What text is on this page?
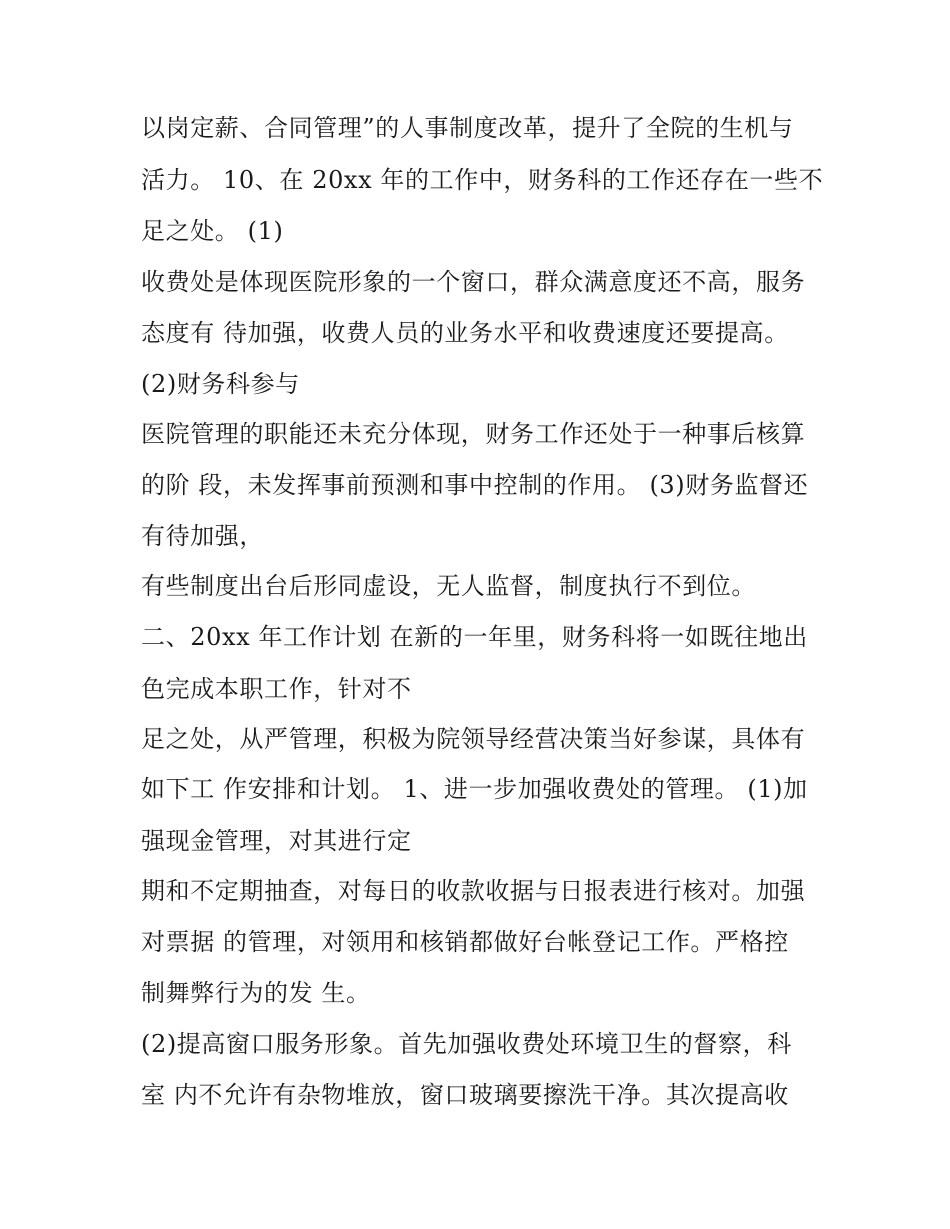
以岗定薪、合同管理”的人事制度改革，提升了全院的生机与
活力。 10、在 20xx 年的工作中，财务科的工作还存在一些不
足之处。 (1)
收费处是体现医院形象的一个窗口，群众满意度还不高，服务
态度有 待加强，收费人员的业务水平和收费速度还要提高。
(2)财务科参与
医院管理的职能还未充分体现，财务工作还处于一种事后核算
的阶 段，未发挥事前预测和事中控制的作用。 (3)财务监督还
有待加强，
有些制度出台后形同虚设，无人监督，制度执行不到位。
二、20xx 年工作计划 在新的一年里，财务科将一如既往地出
色完成本职工作，针对不
足之处，从严管理，积极为院领导经营决策当好参谋，具体有
如下工 作安排和计划。 1、进一步加强收费处的管理。 (1)加
强现金管理，对其进行定
期和不定期抽查，对每日的收款收据与日报表进行核对。加强
对票据 的管理，对领用和核销都做好台帐登记工作。严格控
制舞弊行为的发 生。
(2)提高窗口服务形象。首先加强收费处环境卫生的督察，科
室 内不允许有杂物堆放，窗口玻璃要擦洗干净。其次提高收
